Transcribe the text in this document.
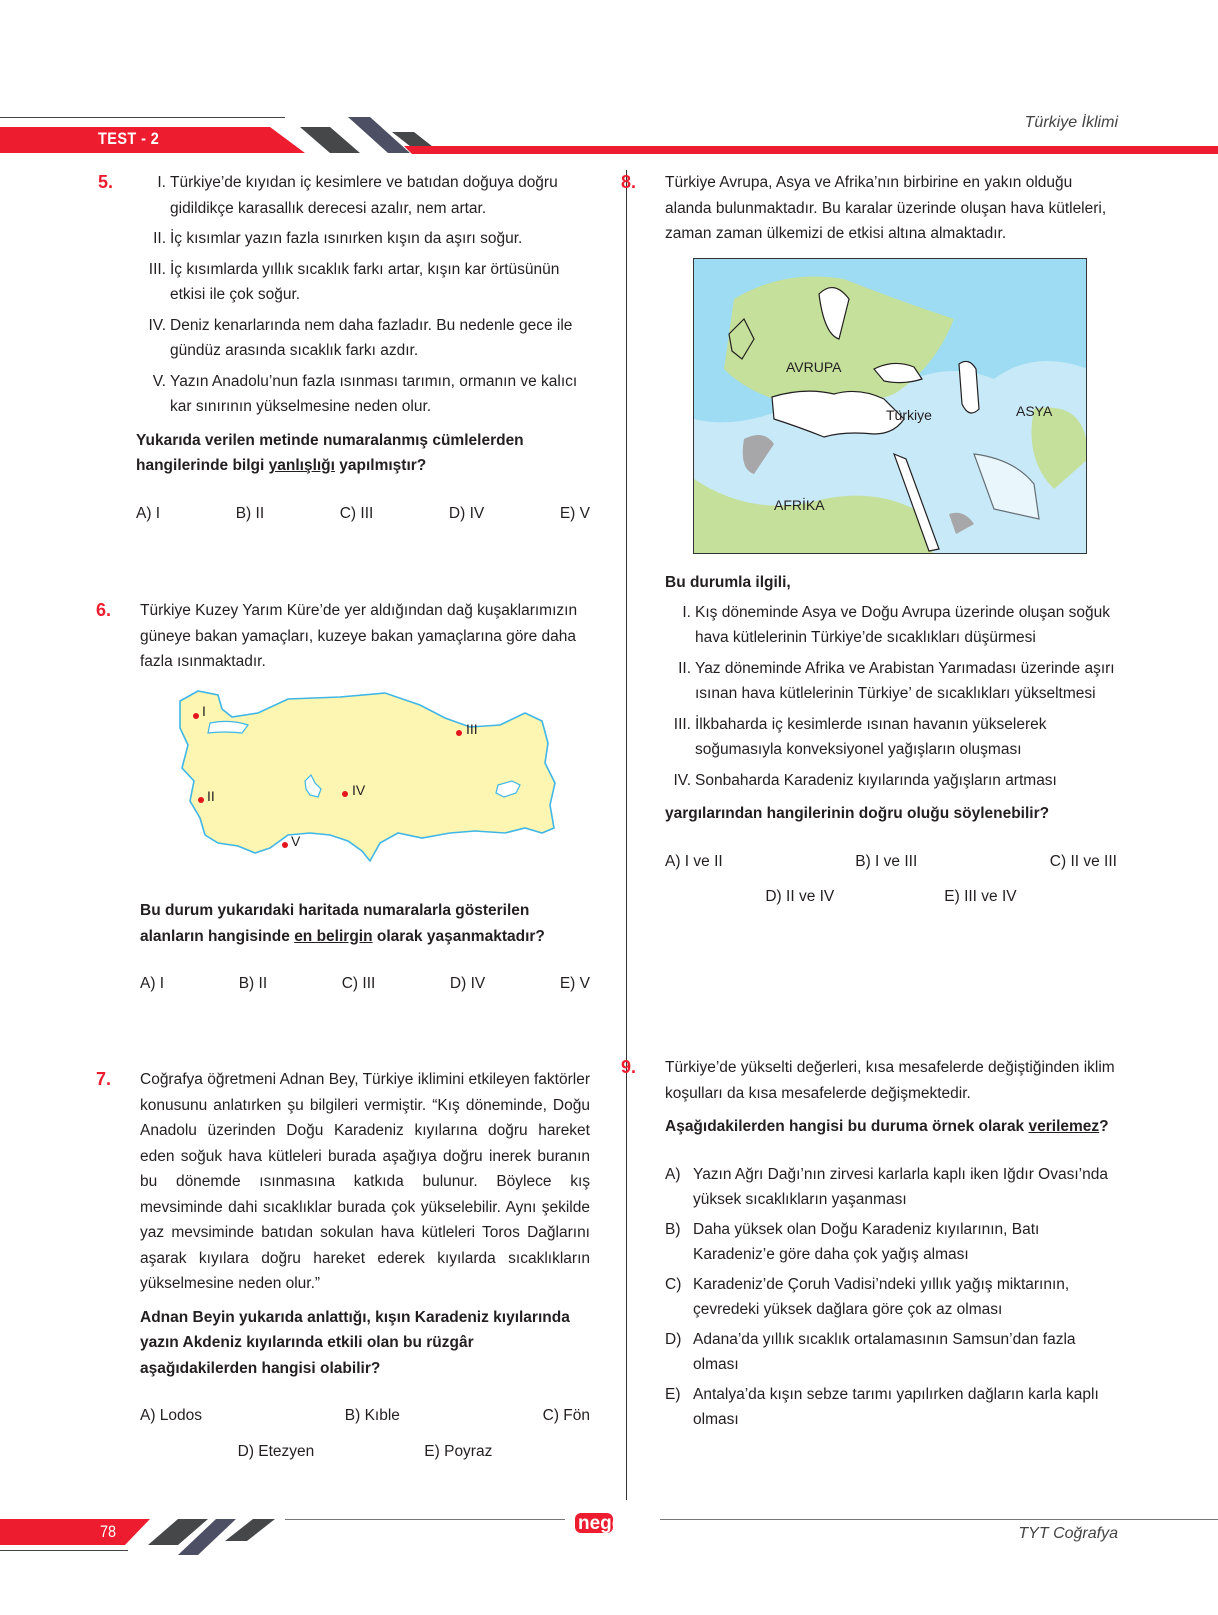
TEST - 2
Türkiye İklimi
5.	I. Türkiye’de kıyıdan iç kesimlere ve batıdan doğuya doğru gidildikçe karasallık derecesi azalır, nem artar.
II. İç kısımlar yazın fazla ısınırken kışın da aşırı soğur.
III. İç kısımlarda yıllık sıcaklık farkı artar, kışın kar örtüsünün etkisi ile çok soğur.
IV. Deniz kenarlarında nem daha fazladır. Bu nedenle gece ile gündüz arasında sıcaklık farkı azdır.
V. Yazın Anadolu’nun fazla ısınması tarımın, ormanın ve kalıcı kar sınırının yükselmesine neden olur.
Yukarıda verilen metinde numaralanmış cümlelerden hangilerinde bilgi yanlışlığı yapılmıştır?
A) I	B) II	C) III	D) IV	E) V
6. Türkiye Kuzey Yarım Küre’de yer aldığından dağ kuşaklarımızın güneye bakan yamaçları, kuzeye bakan yamaçlarına göre daha fazla ısınmaktadır.
I
II
III
IV
V
Bu durum yukarıdaki haritada numaralarla gösterilen alanların hangisinde en belirgin olarak yaşanmaktadır?
A) I	B) II	C) III	D) IV	E) V
7. Coğrafya öğretmeni Adnan Bey, Türkiye iklimini etkileyen faktörler konusunu anlatırken şu bilgileri vermiştir. “Kış döneminde, Doğu Anadolu üzerinden Doğu Karadeniz kıyılarına doğru hareket eden soğuk hava kütleleri burada aşağıya doğru inerek buranın bu dönemde ısınmasına katkıda bulunur. Böylece kış mevsiminde dahi sıcaklıklar burada çok yükselebilir. Aynı şekilde yaz mevsiminde batıdan sokulan hava kütleleri Toros Dağlarını aşarak kıyılara doğru hareket ederek kıyılarda sıcaklıkların yükselmesine neden olur.”
Adnan Beyin yukarıda anlattığı, kışın Karadeniz kıyılarında yazın Akdeniz kıyılarında etkili olan bu rüzgâr aşağıdakilerden hangisi olabilir?
A) Lodos	B) Kıble	C) Fön
D) Etezyen	E) Poyraz
8. Türkiye Avrupa, Asya ve Afrika’nın birbirine en yakın olduğu alanda bulunmaktadır. Bu karalar üzerinde oluşan hava kütleleri, zaman zaman ülkemizi de etkisi altına almaktadır.
AVRUPA
Türkiye	ASYA
AFRİKA
Bu durumla ilgili,
I. Kış döneminde Asya ve Doğu Avrupa üzerinde oluşan soğuk hava kütlelerinin Türkiye’de sıcaklıkları düşürmesi
II. Yaz döneminde Afrika ve Arabistan Yarımadası üzerinde aşırı ısınan hava kütlelerinin Türkiye’ de sıcaklıkları yükseltmesi
III. İlkbaharda iç kesimlerde ısınan havanın yükselerek soğumasıyla konveksiyonel yağışların oluşması
IV. Sonbaharda Karadeniz kıyılarında yağışların artması
yargılarından hangilerinin doğru oluğu söylenebilir?
A) I ve II	B) I ve III	C) II ve III
D) II ve IV	E) III ve IV
9. Türkiye’de yükselti değerleri, kısa mesafelerde değiştiğinden iklim koşulları da kısa mesafelerde değişmektedir.
Aşağıdakilerden hangisi bu duruma örnek olarak verilemez?
A) Yazın Ağrı Dağı’nın zirvesi karlarla kaplı iken Iğdır Ovası’nda yüksek sıcaklıkların yaşanması
B) Daha yüksek olan Doğu Karadeniz kıyılarının, Batı Karadeniz’e göre daha çok yağış alması
C) Karadeniz’de Çoruh Vadisi’ndeki yıllık yağış miktarının, çevredeki yüksek dağlara göre çok az olması
D) Adana’da yıllık sıcaklık ortalamasının Samsun’dan fazla olması
E) Antalya’da kışın sebze tarımı yapılırken dağların karla kaplı olması
78	nego	TYT Coğrafya
